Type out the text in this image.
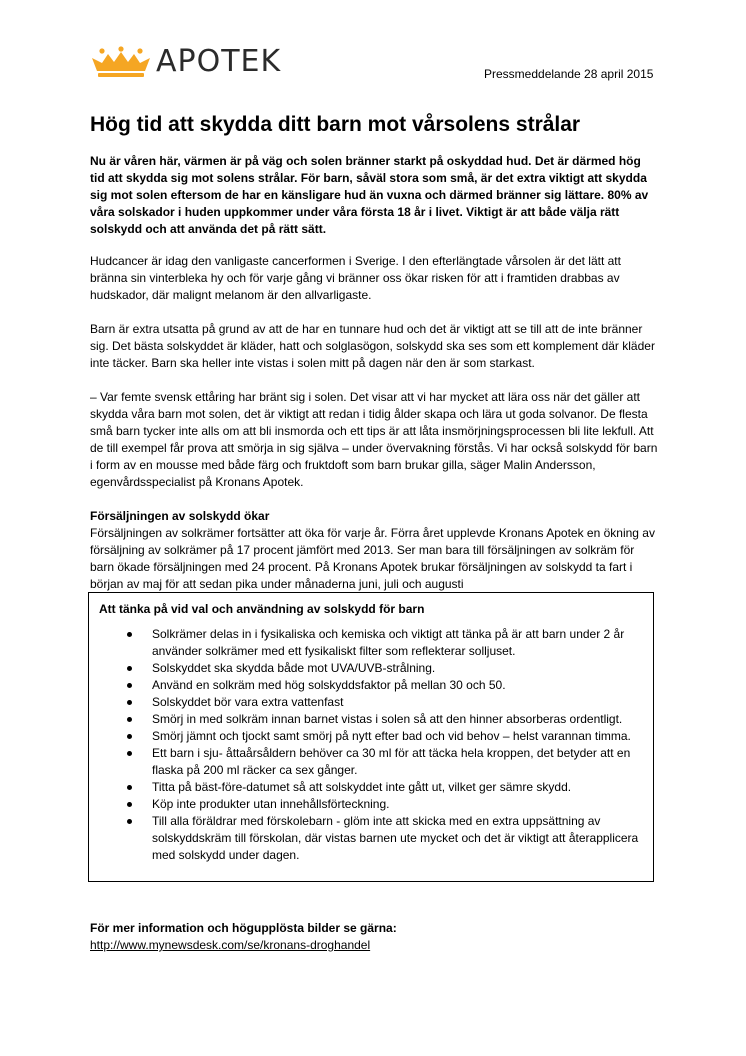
APOTEK	Pressmeddelande 28 april 2015
Hög tid att skydda ditt barn mot vårsolens strålar

Nu är våren här, värmen är på väg och solen bränner starkt på oskyddad hud. Det är därmed hög tid att skydda sig mot solens strålar. För barn, såväl stora som små, är det extra viktigt att skydda sig mot solen eftersom de har en känsligare hud än vuxna och därmed bränner sig lättare. 80% av våra solskador i huden uppkommer under våra första 18 år i livet. Viktigt är att både välja rätt solskydd och att använda det på rätt sätt.

Hudcancer är idag den vanligaste cancerformen i Sverige. I den efterlängtade vårsolen är det lätt att bränna sin vinterbleka hy och för varje gång vi bränner oss ökar risken för att i framtiden drabbas av hudskador, där malignt melanom är den allvarligaste.

Barn är extra utsatta på grund av att de har en tunnare hud och det är viktigt att se till att de inte bränner sig. Det bästa solskyddet är kläder, hatt och solglasögon, solskydd ska ses som ett komplement där kläder inte täcker. Barn ska heller inte vistas i solen mitt på dagen när den är som starkast.

– Var femte svensk ettåring har bränt sig i solen. Det visar att vi har mycket att lära oss när det gäller att skydda våra barn mot solen, det är viktigt att redan i tidig ålder skapa och lära ut goda solvanor. De flesta små barn tycker inte alls om att bli insmorda och ett tips är att låta insmörjningsprocessen bli lite lekfull. Att de till exempel får prova att smörja in sig själva – under övervakning förstås. Vi har också solskydd för barn i form av en mousse med både färg och fruktdoft som barn brukar gilla, säger Malin Andersson, egenvårdsspecialist på Kronans Apotek.

Försäljningen av solskydd ökar

Försäljningen av solkrämer fortsätter att öka för varje år. Förra året upplevde Kronans Apotek en ökning av försäljning av solkrämer på 17 procent jämfört med 2013. Ser man bara till försäljningen av solkräm för barn ökade försäljningen med 24 procent. På Kronans Apotek brukar försäljningen av solskydd ta fart i början av maj för att sedan pika under månaderna juni, juli och augusti

Att tänka på vid val och användning av solskydd för barn
Solkrämer delas in i fysikaliska och kemiska och viktigt att tänka på är att barn under 2 år använder solkrämer med ett fysikaliskt filter som reflekterar solljuset.
Solskyddet ska skydda både mot UVA/UVB-strålning.
Använd en solkräm med hög solskyddsfaktor på mellan 30 och 50.
Solskyddet bör vara extra vattenfast
Smörj in med solkräm innan barnet vistas i solen så att den hinner absorberas ordentligt.
Smörj jämnt och tjockt samt smörj på nytt efter bad och vid behov – helst varannan timma.
Ett barn i sju- åttaårsåldern behöver ca 30 ml för att täcka hela kroppen, det betyder att en flaska på 200 ml räcker ca sex gånger.
Titta på bäst-före-datumet så att solskyddet inte gått ut, vilket ger sämre skydd.
Köp inte produkter utan innehållsförteckning.
Till alla föräldrar med förskolebarn - glöm inte att skicka med en extra uppsättning av solskyddskräm till förskolan, där vistas barnen ute mycket och det är viktigt att återapplicera med solskydd under dagen.
För mer information och högupplösta bilder se gärna:
http://www.mynewsdesk.com/se/kronans-droghandel
